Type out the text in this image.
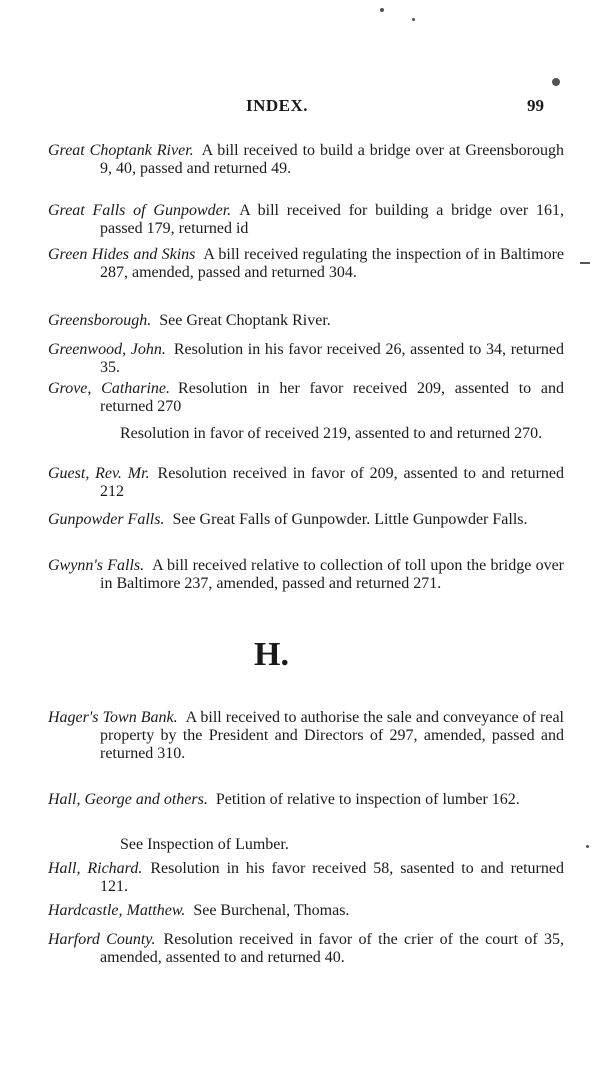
INDEX.	99

Great Choptank River. A bill received to build a bridge over at Greensborough 9, 40, passed and returned 49.

Great Falls of Gunpowder. A bill received for building a bridge over 161, passed 179, returned id

Green Hides and Skins A bill received regulating the inspection of in Baltimore 287, amended, passed and returned 304.

Greensborough. See Great Choptank River.

Greenwood, John. Resolution in his favor received 26, assented to 34, returned 35.

Grove, Catharine. Resolution in her favor received 209, assented to and returned 270

Resolution in favor of received 219, assented to and returned 270.

Guest, Rev. Mr. Resolution received in favor of 209, assented to and returned 212

Gunpowder Falls. See Great Falls of Gunpowder. Little Gunpowder Falls.

Gwynn's Falls. A bill received relative to collection of toll upon the bridge over in Baltimore 237, amended, passed and returned 271.

H.

Hager's Town Bank. A bill received to authorise the sale and conveyance of real property by the President and Directors of 297, amended, passed and returned 310.

Hall, George and others. Petition of relative to inspection of lumber 162.

See Inspection of Lumber.

Hall, Richard. Resolution in his favor received 58, sasented to and returned 121.

Hardcastle, Matthew. See Burchenal, Thomas.

Harford County. Resolution received in favor of the crier of the court of 35, amended, assented to and returned 40.
